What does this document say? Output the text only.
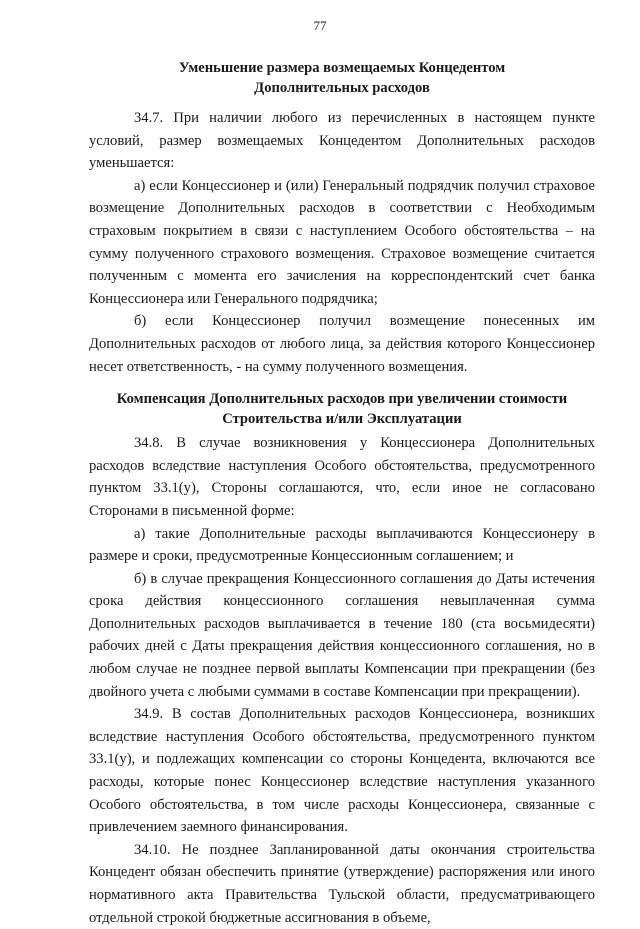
77
Уменьшение размера возмещаемых Концедентом
Дополнительных расходов

34.7. При наличии любого из перечисленных в настоящем пункте условий, размер возмещаемых Концедентом Дополнительных расходов уменьшается:

а) если Концессионер и (или) Генеральный подрядчик получил страховое возмещение Дополнительных расходов в соответствии с Необходимым страховым покрытием в связи с наступлением Особого обстоятельства – на сумму полученного страхового возмещения. Страховое возмещение считается полученным с момента его зачисления на корреспондентский счет банка Концессионера или Генерального подрядчика;

б) если Концессионер получил возмещение понесенных им Дополнительных расходов от любого лица, за действия которого Концессионер несет ответственность, - на сумму полученного возмещения.

Компенсация Дополнительных расходов при увеличении стоимости
Строительства и/или Эксплуатации

34.8. В случае возникновения у Концессионера Дополнительных расходов вследствие наступления Особого обстоятельства, предусмотренного пунктом 33.1(у), Стороны соглашаются, что, если иное не согласовано Сторонами в письменной форме:

а) такие Дополнительные расходы выплачиваются Концессионеру в размере и сроки, предусмотренные Концессионным соглашением; и

б) в случае прекращения Концессионного соглашения до Даты истечения срока действия концессионного соглашения невыплаченная сумма Дополнительных расходов выплачивается в течение 180 (ста восьмидесяти) рабочих дней с Даты прекращения действия концессионного соглашения, но в любом случае не позднее первой выплаты Компенсации при прекращении (без двойного учета с любыми суммами в составе Компенсации при прекращении).

34.9. В состав Дополнительных расходов Концессионера, возникших вследствие наступления Особого обстоятельства, предусмотренного пунктом 33.1(у), и подлежащих компенсации со стороны Концедента, включаются все расходы, которые понес Концессионер вследствие наступления указанного Особого обстоятельства, в том числе расходы Концессионера, связанные с привлечением заемного финансирования.

34.10. Не позднее Запланированной даты окончания строительства Концедент обязан обеспечить принятие (утверждение) распоряжения или иного нормативного акта Правительства Тульской области, предусматривающего отдельной строкой бюджетные ассигнования в объеме,
